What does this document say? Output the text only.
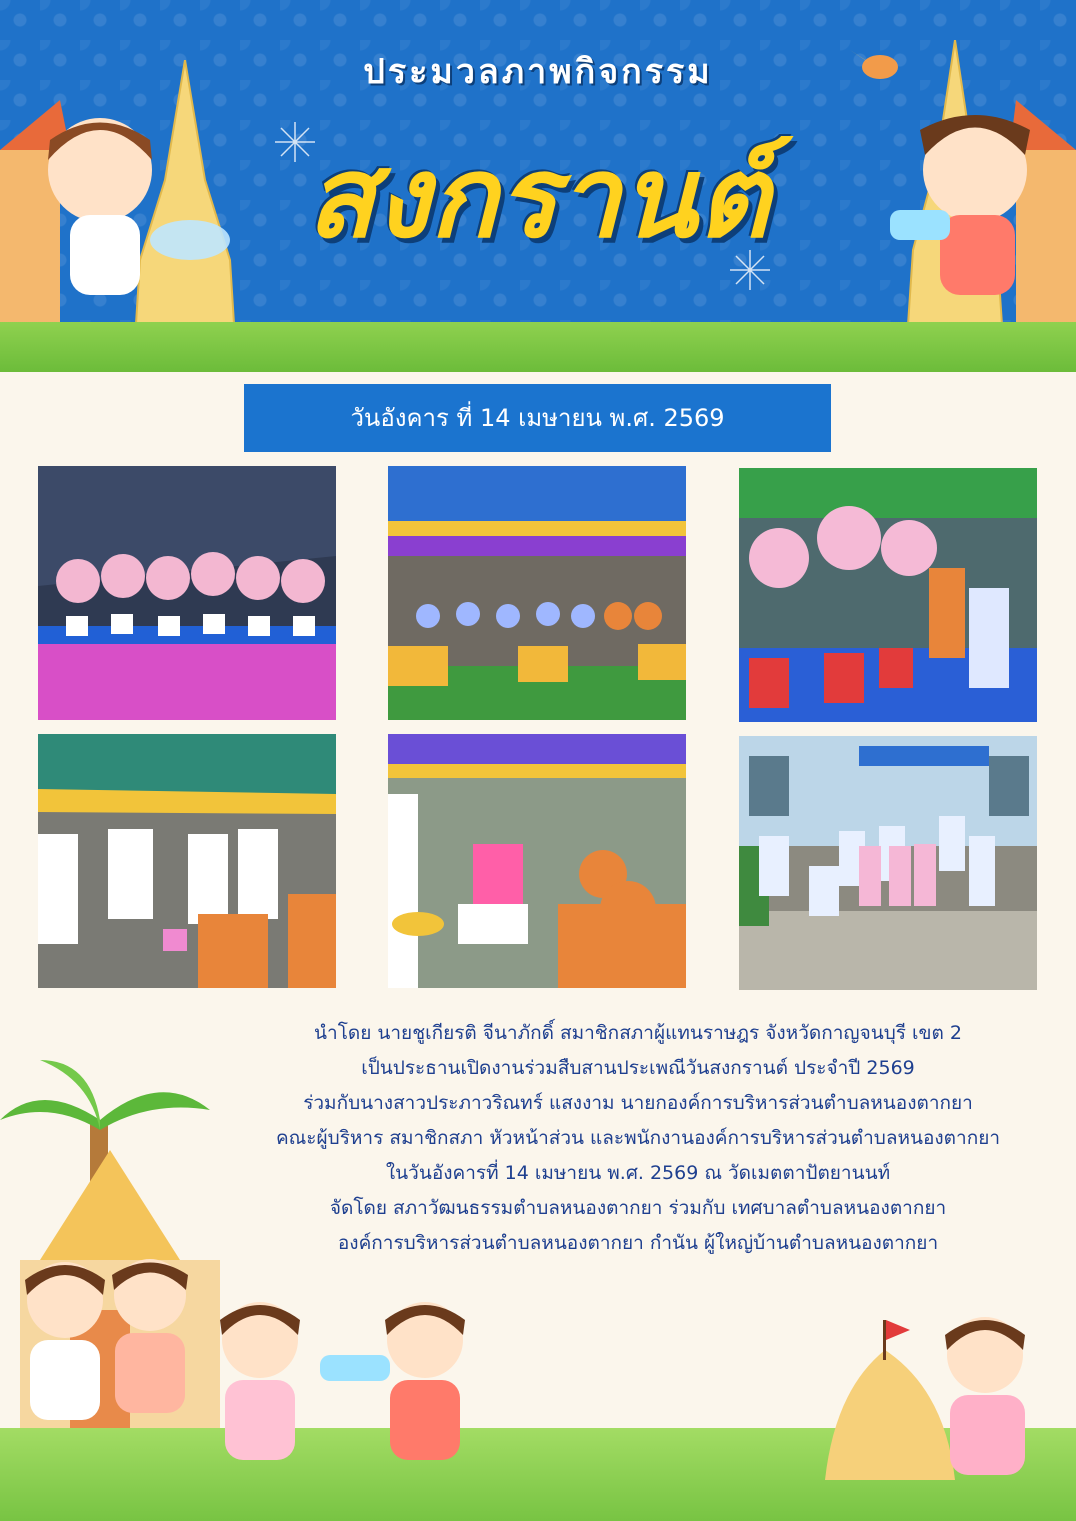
ประมวลภาพกิจกรรม
สงกรานต์
วันอังคาร ที่ 14 เมษายน พ.ศ. 2569
นำโดย นายชูเกียรติ จีนาภักดิ์ สมาชิกสภาผู้แทนราษฎร จังหวัดกาญจนบุรี เขต 2
เป็นประธานเปิดงานร่วมสืบสานประเพณีวันสงกรานต์ ประจำปี 2569
ร่วมกับนางสาวประภาวริณทร์ แสงงาม นายกองค์การบริหารส่วนตำบลหนองตากยา
คณะผู้บริหาร สมาชิกสภา หัวหน้าส่วน และพนักงานองค์การบริหารส่วนตำบลหนองตากยา
ในวันอังคารที่ 14 เมษายน พ.ศ. 2569 ณ วัดเมตตาปัตยานนท์
จัดโดย สภาวัฒนธรรมตำบลหนองตากยา ร่วมกับ เทศบาลตำบลหนองตากยา
องค์การบริหารส่วนตำบลหนองตากยา กำนัน ผู้ใหญ่บ้านตำบลหนองตากยา
